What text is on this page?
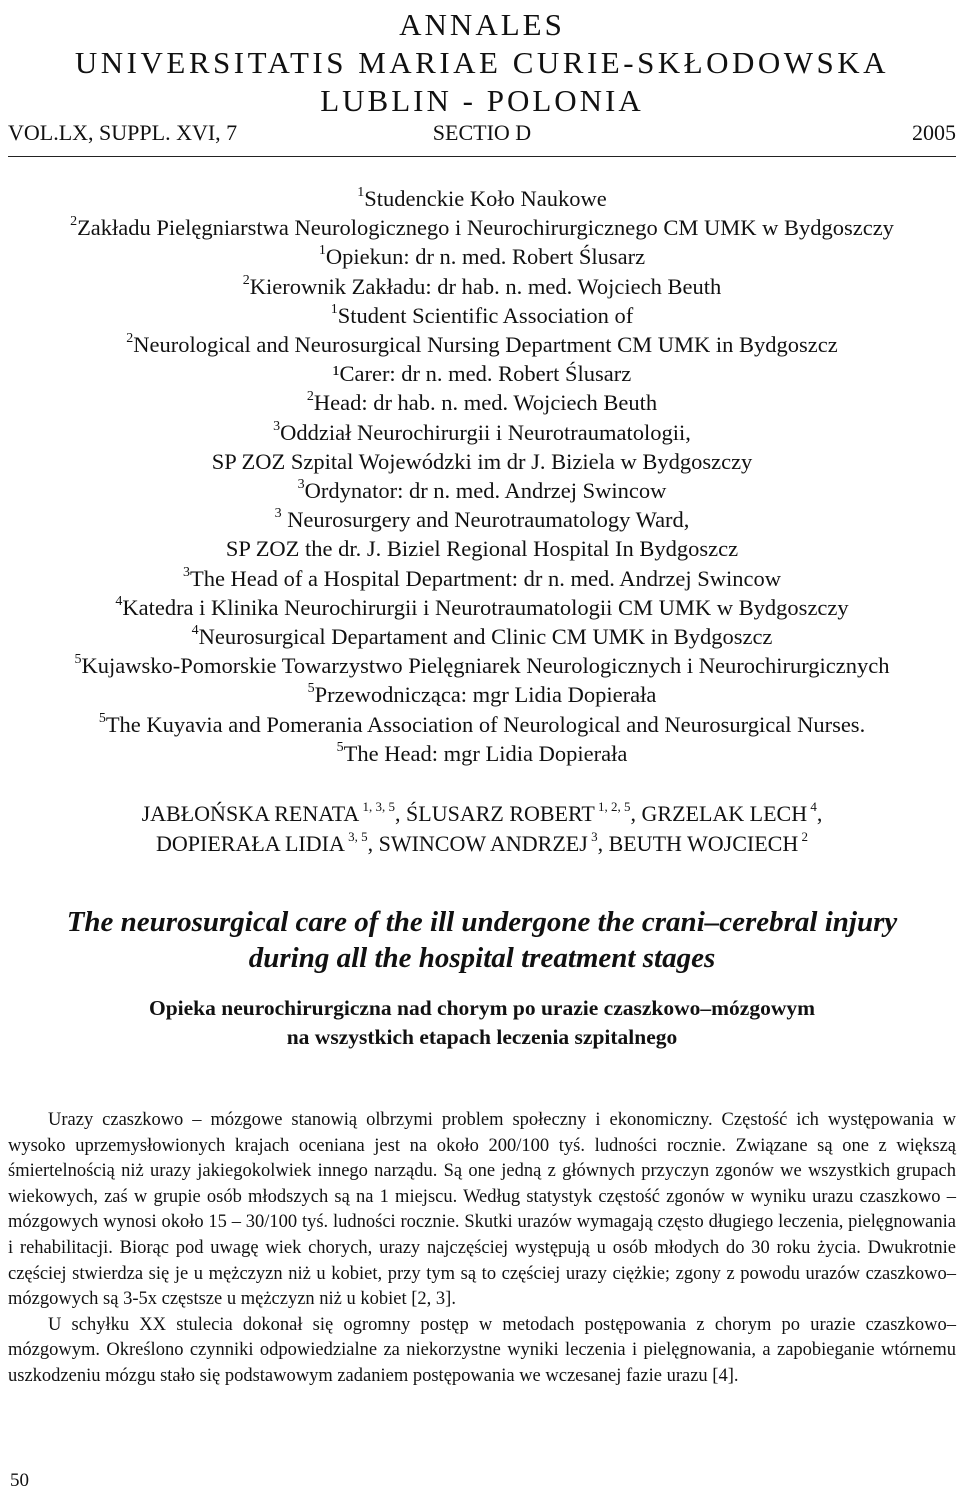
ANNALES
UNIVERSITATIS MARIAE CURIE-SKŁODOWSKA
LUBLIN - POLONIA
VOL.LX, SUPPL. XVI, 7	SECTIO D	2005
$^1$Studenckie Koło Naukowe
$^2$Zakładu Pielęgniarstwa Neurologicznego i Neurochirurgicznego CM UMK w Bydgoszczy
$^1$Opiekun: dr n. med. Robert Ślusarz
$^2$Kierownik Zakładu: dr hab. n. med. Wojciech Beuth
$^1$Student Scientific Association of
$^2$Neurological and Neurosurgical Nursing Department CM UMK in Bydgoszcz
¹Carer: dr n. med. Robert Ślusarz
$^2$Head: dr hab. n. med. Wojciech Beuth
$^3$Oddział Neurochirurgii i Neurotraumatologii,
SP ZOZ Szpital Wojewódzki im dr J. Biziela w Bydgoszczy
$^3$Ordynator: dr n. med. Andrzej Swincow
$^3$ Neurosurgery and Neurotraumatology Ward,
SP ZOZ the dr. J. Biziel Regional Hospital In Bydgoszcz
$^3$The Head of a Hospital Department: dr n. med. Andrzej Swincow
$^4$Katedra i Klinika Neurochirurgii i Neurotraumatologii CM UMK w Bydgoszczy
$^4$Neurosurgical Departament and Clinic CM UMK in Bydgoszcz
$^5$Kujawsko-Pomorskie Towarzystwo Pielęgniarek Neurologicznych i Neurochirurgicznych
$^5$Przewodnicząca: mgr Lidia Dopierała
$^5$The Kuyavia and Pomerania Association of Neurological and Neurosurgical Nurses.
$^5$The Head: mgr Lidia Dopierała
JABŁOŃSKA RENATA $^{1, 3, 5}$, ŚLUSARZ ROBERT $^{1, 2, 5}$, GRZELAK LECH $^4$,
DOPIERAŁA LIDIA $^{3, 5}$, SWINCOW ANDRZEJ $^3$, BEUTH WOJCIECH $^2$
The neurosurgical care of the ill undergone the crani–cerebral injury
during all the hospital treatment stages
Opieka neurochirurgiczna nad chorym po urazie czaszkowo–mózgowym
na wszystkich etapach leczenia szpitalnego

Urazy czaszkowo – mózgowe stanowią olbrzymi problem społeczny i ekonomiczny. Częstość ich występowania w wysoko uprzemysłowionych krajach oceniana jest na około 200/100 tyś. ludności rocznie. Związane są one z większą śmiertelnością niż urazy jakiegokolwiek innego narządu. Są one jedną z głównych przyczyn zgonów we wszystkich grupach wiekowych, zaś w grupie osób młodszych są na 1 miejscu. Według statystyk częstość zgonów w wyniku urazu czaszkowo – mózgowych wynosi około 15 – 30/100 tyś. ludności rocznie. Skutki urazów wymagają często długiego leczenia, pielęgnowania i rehabilitacji. Biorąc pod uwagę wiek chorych, urazy najczęściej występują u osób młodych do 30 roku życia. Dwukrotnie częściej stwierdza się je u mężczyzn niż u kobiet, przy tym są to częściej urazy ciężkie; zgony z powodu urazów czaszkowo–mózgowych są 3-5x częstsze u mężczyzn niż u kobiet [2, 3].

U schyłku XX stulecia dokonał się ogromny postęp w metodach postępowania z chorym po urazie czaszkowo–mózgowym. Określono czynniki odpowiedzialne za niekorzystne wyniki leczenia i pielęgnowania, a zapobieganie wtórnemu uszkodzeniu mózgu stało się podstawowym zadaniem postępowania we wczesanej fazie urazu [4].

50
